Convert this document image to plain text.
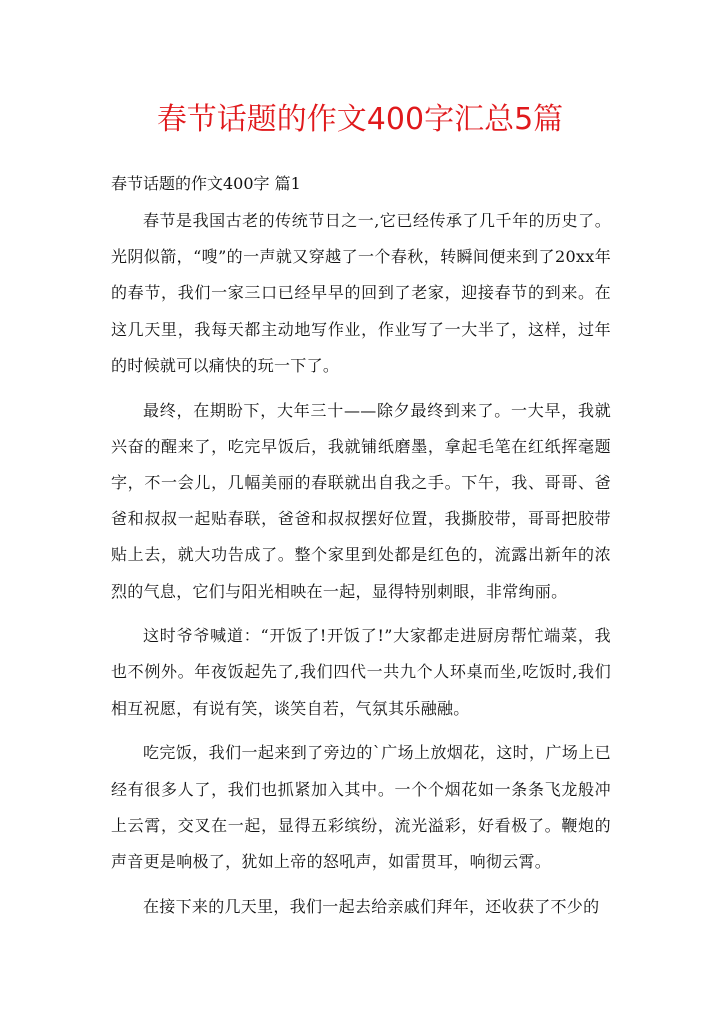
春节话题的作文400字汇总5篇

春节话题的作文400字 篇1

春节是我国古老的传统节日之一,它已经传承了几千年的历史了。光阴似箭，“嗖”的一声就又穿越了一个春秋，转瞬间便来到了20xx年的春节，我们一家三口已经早早的回到了老家，迎接春节的到来。在这几天里，我每天都主动地写作业，作业写了一大半了，这样，过年的时候就可以痛快的玩一下了。

最终，在期盼下，大年三十——除夕最终到来了。一大早，我就兴奋的醒来了，吃完早饭后，我就铺纸磨墨，拿起毛笔在红纸挥毫题字，不一会儿，几幅美丽的春联就出自我之手。下午，我、哥哥、爸爸和叔叔一起贴春联，爸爸和叔叔摆好位置，我撕胶带，哥哥把胶带贴上去，就大功告成了。整个家里到处都是红色的，流露出新年的浓烈的气息，它们与阳光相映在一起，显得特别刺眼，非常绚丽。

这时爷爷喊道：“开饭了!开饭了!”大家都走进厨房帮忙端菜，我也不例外。年夜饭起先了,我们四代一共九个人环桌而坐,吃饭时,我们相互祝愿，有说有笑，谈笑自若，气氛其乐融融。

吃完饭，我们一起来到了旁边的`广场上放烟花，这时，广场上已经有很多人了，我们也抓紧加入其中。一个个烟花如一条条飞龙般冲上云霄，交叉在一起，显得五彩缤纷，流光溢彩，好看极了。鞭炮的声音更是响极了，犹如上帝的怒吼声，如雷贯耳，响彻云霄。

在接下来的几天里，我们一起去给亲戚们拜年，还收获了不少的
